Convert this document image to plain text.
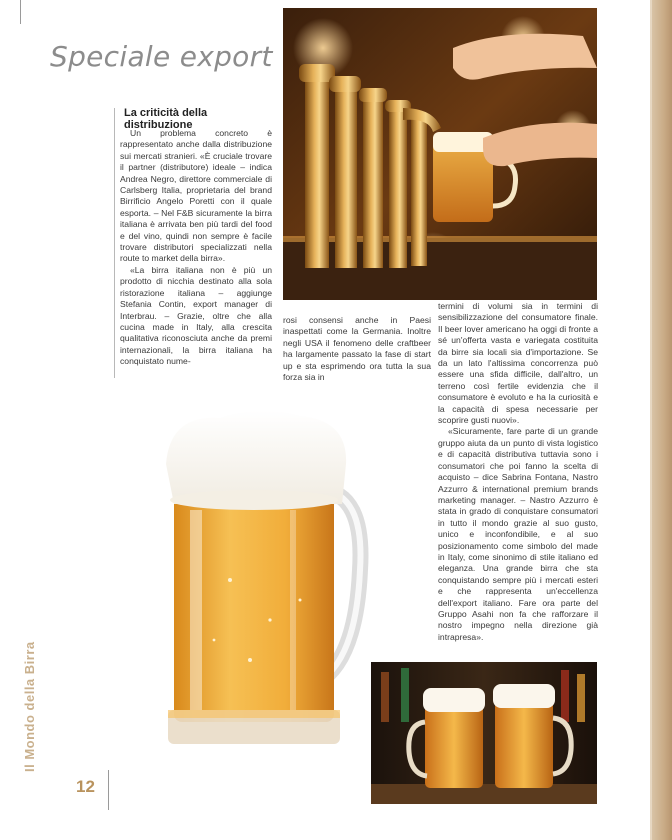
Speciale export
La criticità della distribuzione

Un problema concreto è rappresentato anche dalla distribuzione sui mercati stranieri. «È cruciale trovare il partner (distributore) ideale – indica Andrea Negro, direttore commerciale di Carlsberg Italia, proprietaria del brand Birrificio Angelo Poretti con il quale esporta. – Nel F&B sicuramente la birra italiana è arrivata ben più tardi del food e del vino, quindi non sempre è facile trovare distributori specializzati nella route to market della birra».

«La birra italiana non è più un prodotto di nicchia destinato alla sola ristorazione italiana – aggiunge Stefania Contin, export manager di Interbrau. – Grazie, oltre che alla cucina made in Italy, alla crescita qualitativa riconosciuta anche da premi internazionali, la birra italiana ha conquistato nume-

rosi consensi anche in Paesi inaspettati come la Germania. Inoltre negli USA il fenomeno delle craftbeer ha largamente passato la fase di start up e sta esprimendo ora tutta la sua forza sia in

termini di volumi sia in termini di sensibilizzazione del consumatore finale. Il beer lover americano ha oggi di fronte a sé un'offerta vasta e variegata costituita da birre sia locali sia d'importazione. Se da un lato l'altissima concorrenza può essere una sfida difficile, dall'altro, un terreno così fertile evidenzia che il consumatore è evoluto e ha la curiosità e la capacità di spesa necessarie per scoprire gusti nuovi».

«Sicuramente, fare parte di un grande gruppo aiuta da un punto di vista logistico e di capacità distributiva tuttavia sono i consumatori che poi fanno la scelta di acquisto – dice Sabrina Fontana, Nastro Azzurro & international premium brands marketing manager. – Nastro Azzurro è stata in grado di conquistare consumatori in tutto il mondo grazie al suo gusto, unico e inconfondibile, e al suo posizionamento come simbolo del made in Italy, come sinonimo di stile italiano ed eleganza. Una grande birra che sta conquistando sempre più i mercati esteri e che rappresenta un'eccellenza dell'export italiano. Fare ora parte del Gruppo Asahi non fa che rafforzare il nostro impegno nella direzione già intrapresa».

Il Mondo della Birra
12
